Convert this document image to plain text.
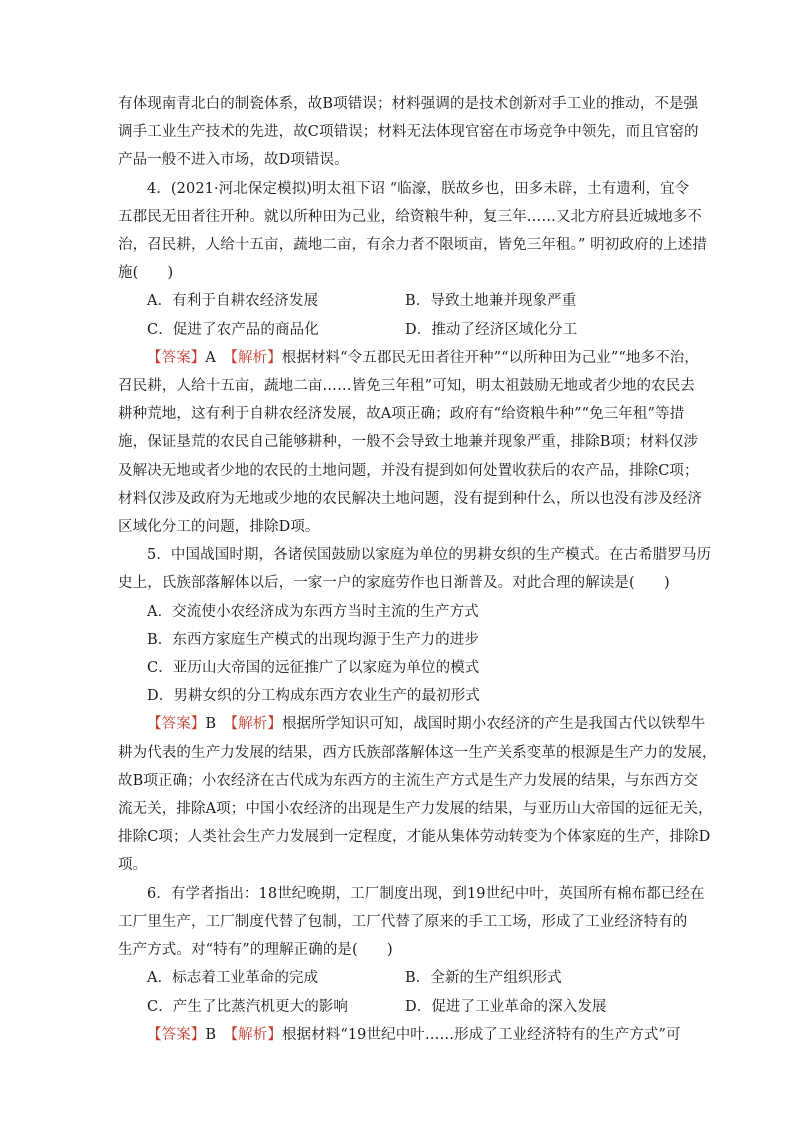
有体现南青北白的制瓷体系，故B项错误；材料强调的是技术创新对手工业的推动，不是强
调手工业生产技术的先进，故C项错误；材料无法体现官窑在市场竞争中领先，而且官窑的
产品一般不进入市场，故D项错误。
4．(2021·河北保定模拟)明太祖下诏 “临濠，朕故乡也，田多未辟，土有遗利，宜令
五郡民无田者往开种。就以所种田为己业，给资粮牛种，复三年……又北方府县近城地多不
治，召民耕，人给十五亩，蔬地二亩，有余力者不限顷亩，皆免三年租。” 明初政府的上述措
施(　　)
A．有利于自耕农经济发展	B．导致土地兼并现象严重
C．促进了农产品的商品化	D．推动了经济区域化分工
【答案】A　 【解析】根据材料“令五郡民无田者往开种”“以所种田为己业”“地多不治，
召民耕，人给十五亩，蔬地二亩……皆免三年租”可知，明太祖鼓励无地或者少地的农民去
耕种荒地，这有利于自耕农经济发展，故A项正确；政府有“给资粮牛种”“免三年租”等措
施，保证垦荒的农民自己能够耕种，一般不会导致土地兼并现象严重，排除B项；材料仅涉
及解决无地或者少地的农民的土地问题，并没有提到如何处置收获后的农产品，排除C项；
材料仅涉及政府为无地或少地的农民解决土地问题，没有提到种什么，所以也没有涉及经济
区域化分工的问题，排除D项。
5．中国战国时期，各诸侯国鼓励以家庭为单位的男耕女织的生产模式。在古希腊罗马历
史上，氏族部落解体以后，一家一户的家庭劳作也日渐普及。对此合理的解读是(　　)
A．交流使小农经济成为东西方当时主流的生产方式
B．东西方家庭生产模式的出现均源于生产力的进步
C．亚历山大帝国的远征推广了以家庭为单位的模式
D．男耕女织的分工构成东西方农业生产的最初形式
【答案】B　 【解析】根据所学知识可知，战国时期小农经济的产生是我国古代以铁犁牛
耕为代表的生产力发展的结果，西方氏族部落解体这一生产关系变革的根源是生产力的发展，
故B项正确；小农经济在古代成为东西方的主流生产方式是生产力发展的结果，与东西方交
流无关，排除A项；中国小农经济的出现是生产力发展的结果，与亚历山大帝国的远征无关，
排除C项；人类社会生产力发展到一定程度，才能从集体劳动转变为个体家庭的生产，排除D
项。
6．有学者指出：18世纪晚期，工厂制度出现，到19世纪中叶，英国所有棉布都已经在
工厂里生产，工厂制度代替了包制，工厂代替了原来的手工工场，形成了工业经济特有的
生产方式。对“特有”的理解正确的是(　　)
A．标志着工业革命的完成	B．全新的生产组织形式
C．产生了比蒸汽机更大的影响	D．促进了工业革命的深入发展
【答案】B　 【解析】根据材料“19世纪中叶……形成了工业经济特有的生产方式”可
